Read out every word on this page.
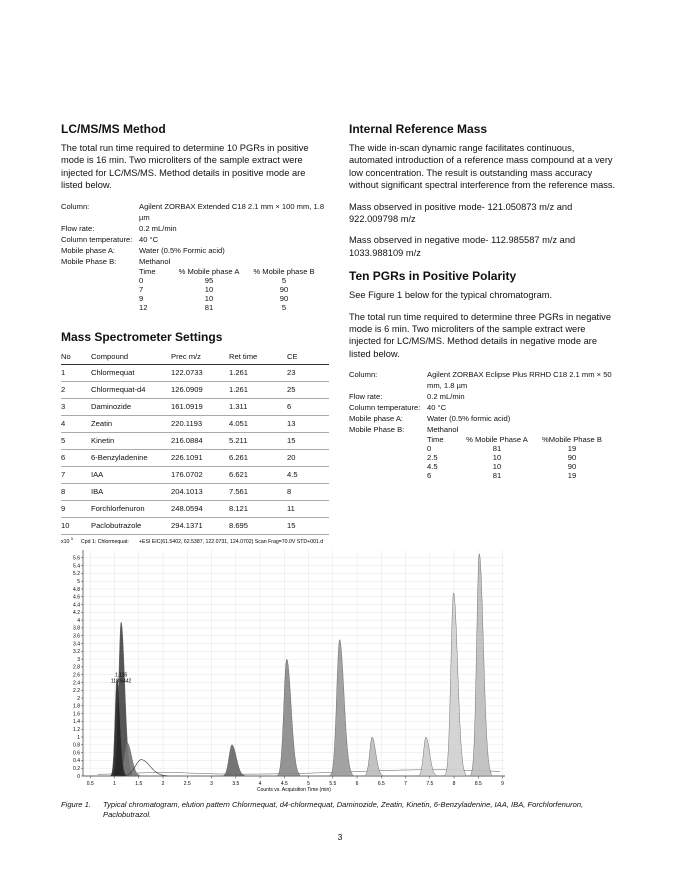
LC/MS/MS Method

The total run time required to determine 10 PGRs in positive mode is 16 min. Two microliters of the sample extract were injected for LC/MS/MS. Method details in positive mode are listed below.

Column:	Agilent ZORBAX Extended C18 2.1 mm × 100 mm, 1.8 µm
Flow rate:	0.2 mL/min
Column temperature: 40 °C
Mobile phase A:	Water (0.5% Formic acid)
Mobile Phase B:	Methanol
Time	% Mobile phase A	% Mobile phase B
0	95	5
7	10	90
9	10	90
12	81	5
Mass Spectrometer Settings
No	Compound	Prec m/z	Ret time	CE
1	Chlormequat	122.0733	1.261	23
2	Chlormequat-d4	126.0909	1.261	25
3	Daminozide	161.0919	1.311	6
4	Zeatin	220.1193	4.051	13
5	Kinetin	216.0884	5.211	15
6	6-Benzyladenine	226.1091	6.261	20
7	IAA	176.0702	6.621	4.5
8	IBA	204.1013	7.561	8
9	Forchlorfenuron	248.0594	8.121	11
10	Paclobutrazole	294.1371	8.695	15
Internal Reference Mass

The wide in-scan dynamic range facilitates continuous, automated introduction of a reference mass compound at a very low concentration. The result is outstanding mass accuracy without significant spectral interference from the reference mass.

Mass observed in positive mode- 121.050873 m/z and 922.009798 m/z

Mass observed in negative mode- 112.985587 m/z and 1033.988109 m/z

Ten PGRs in Positive Polarity

See Figure 1 below for the typical chromatogram.

The total run time required to determine three PGRs in negative mode is 6 min. Two microliters of the sample extract were injected for LC/MS/MS. Method details in negative mode are listed below.

Column:	Agilent ZORBAX Eclipse Plus RRHD C18 2.1 mm × 50 mm, 1.8 µm
Flow rate:	0.2 mL/min
Column temperature: 40 °C
Mobile phase A:	Water (0.5% formic acid)
Mobile Phase B:	Methanol
Time	% Mobile Phase A	%Mobile Phase B
0	81	19
2.5	10	90
4.5	10	90
6	81	19
x10 5 Cpd 1: Chlormequat: +ESI EIC(61.5402, 62.5387, 122.0731, 124.0702) Scan Frag=70.0V STD+001.d
0
0.2
0.4
0.6
0.8
1
1.2
1.4
1.6
1.8
2
2.2
2.4
2.6
2.8
3
3.2
3.4
3.6
3.8
4
4.2
4.4
4.6
4.8
5
5.2
5.4
5.6
0.5	1	1.5	2	2.5	3	3.5	4	4.5	5	5.5	6	6.5	7	7.5	8	8.5	9
1.135
113.6442
Counts vs. Acquisition Time (min)
Figure 1. Typical chromatogram, elution pattern Chlormequat, d4-chlormequat, Daminozide, Zeatin, Kinetin, 6-Benzyladenine, IAA, IBA, Forchlorfenuron, Paclobutrazol.
3
